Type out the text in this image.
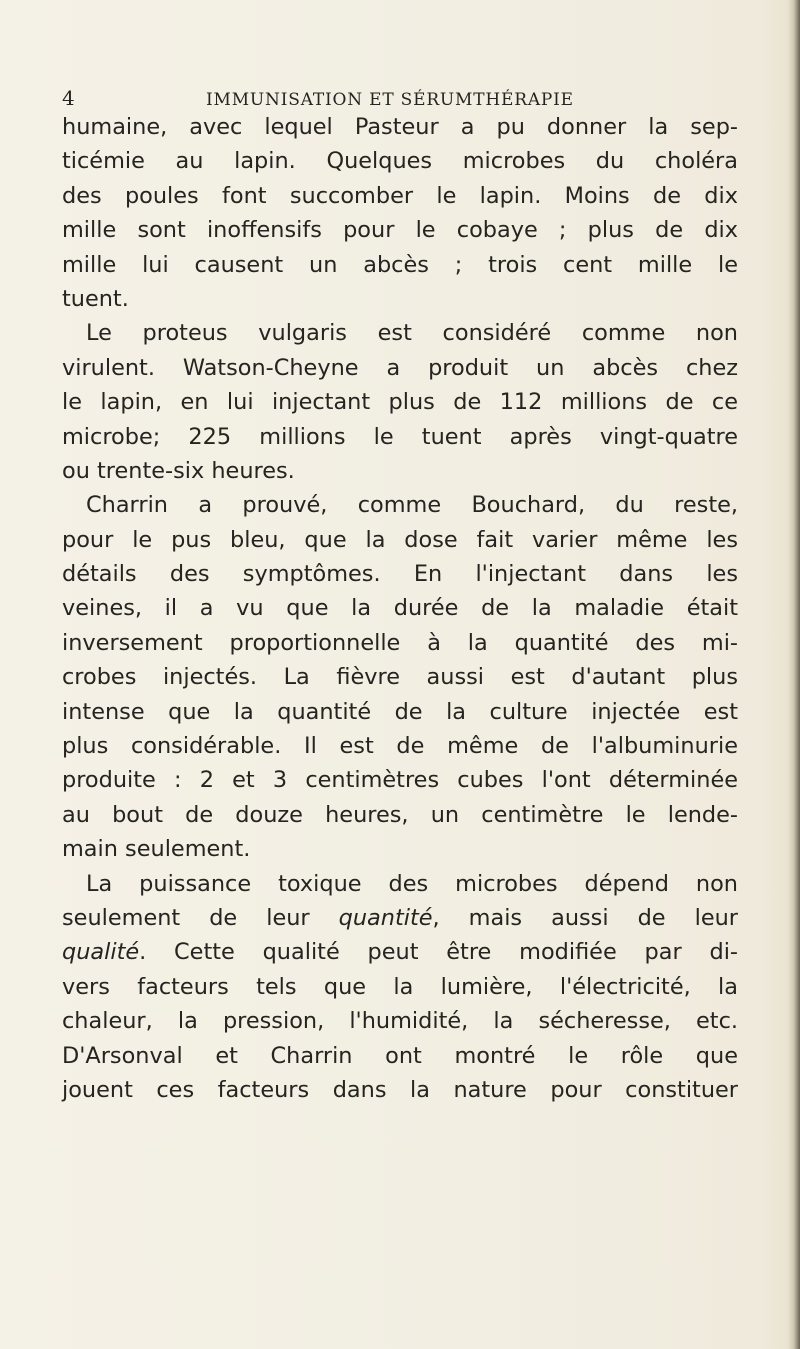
4	IMMUNISATION ET SÉRUMTHÉRAPIE
humaine, avec lequel Pasteur a pu donner la sep-
ticémie au lapin. Quelques microbes du choléra
des poules font succomber le lapin. Moins de dix
mille sont inoffensifs pour le cobaye ; plus de dix
mille lui causent un abcès ; trois cent mille le
tuent.
Le proteus vulgaris est considéré comme non
virulent. Watson-Cheyne a produit un abcès chez
le lapin, en lui injectant plus de 112 millions de ce
microbe; 225 millions le tuent après vingt-quatre
ou trente-six heures.
Charrin a prouvé, comme Bouchard, du reste,
pour le pus bleu, que la dose fait varier même les
détails des symptômes. En l'injectant dans les
veines, il a vu que la durée de la maladie était
inversement proportionnelle à la quantité des mi-
crobes injectés. La fièvre aussi est d'autant plus
intense que la quantité de la culture injectée est
plus considérable. Il est de même de l'albuminurie
produite : 2 et 3 centimètres cubes l'ont déterminée
au bout de douze heures, un centimètre le lende-
main seulement.
La puissance toxique des microbes dépend non
seulement de leur quantité, mais aussi de leur
qualité. Cette qualité peut être modifiée par di-
vers facteurs tels que la lumière, l'électricité, la
chaleur, la pression, l'humidité, la sécheresse, etc.
D'Arsonval et Charrin ont montré le rôle que
jouent ces facteurs dans la nature pour constituer
